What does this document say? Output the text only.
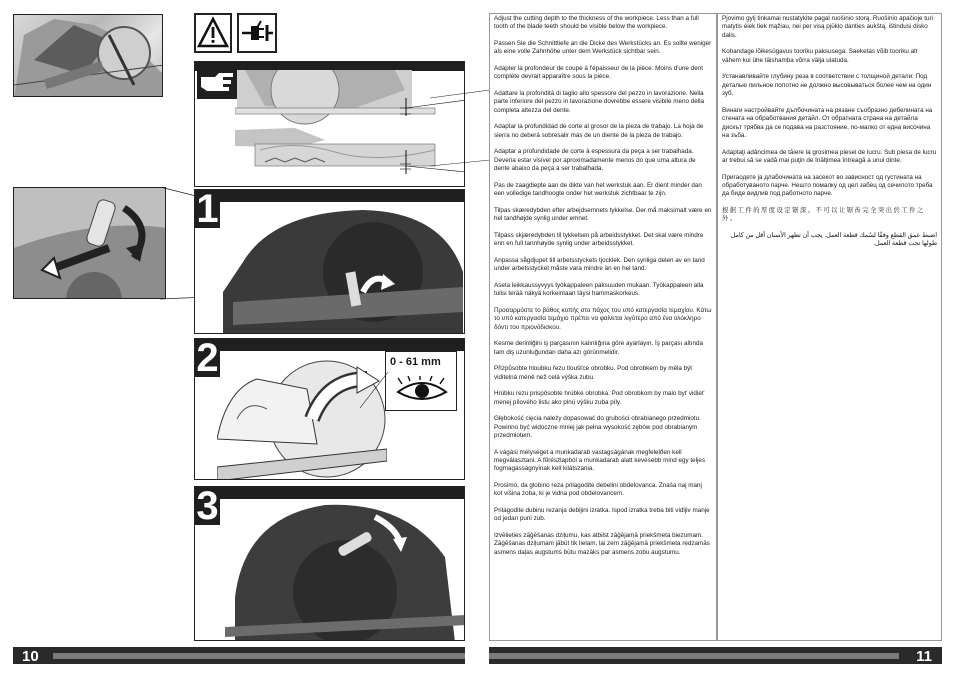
1
2	0 - 61 mm
3
10

Adjust the cutting depth to the thickness of the workpiece. Less than a full tooth of the blade teeth should be visible below the workpiece.

Passen Sie die Schnitttiefe an die Dicke des Werkstücks an. Es sollte weniger als eine volle Zahnhöhe unter dem Werkstück sichtbar sein.

Adapter la profondeur de coupe à l'épaisseur de la pièce. Moins d'une dent complète devrait apparaître sous la pièce.

Adattare la profondità di taglio allo spessore del pezzo in lavorazione. Nella parte inferiore del pezzo in lavorazione dovrebbe essere visibile meno della completa altezza del dente.

Adaptar la profundidad de corte al grosor de la pieza de trabajo. La hoja de sierra no deberá sobresalir más de un diente de la pieza de trabajo.

Adaptar a profundidade de corte à espessura da peça a ser trabalhada. Deveria estar visível por aproximadamente menos do que uma altura de dente abaixo da peça a ser trabalhada.

Pas de zaagdiepte aan de dikte van het werkstuk aan. Er dient minder dan een volledige tandhoogte onder het werkstuk zichtbaar te zijn.

Tilpas skæredybden efter arbejdsemnets tykkelse. Der må maksimalt være en hel tandhøjde synlig under emnet.

Tilpass skjæredybden til tykkelsen på arbeidsstykket. Det skal være mindre enn en full tannhøyde synlig under arbeidsstykket.

Anpassa sågdjupet till arbetsstyckets tjocklek. Den synliga delen av en tand under arbetsstycket måste vara mindre än en hel tand.

Aseta leikkaussyvyys työkappaleen paksuuden mukaan. Työkappaleen alla tulisi terää näkyä korkeintaan täysi hammaskorkeus.

Προσαρμόστε το βάθος κοπής στο πάχος του υπό κατεργασία τεμαχίου. Κάτω το υπό κατεργασία τεμάχιο πρέπει να φαίνεται λιγότερο από ένα ολόκληρο δόντι του πριονόδισκου.

Kesme derinliğini iş parçasının kalınlığına göre ayarlayın. İş parçası altında tam diş uzunluğundan daha azı görünmelidir.

Přizpůsobte hloubku řezu tloušťce obrobku. Pod obrobkem by měla být viditelná méně než celá výška zubu.

Hrúbku rezu prispôsobte hrúbke obrobka. Pod obrobkom by malo byť vidieť menej pílového listu ako plnú výšku zuba píly.

Głębokość cięcia należy dopasować do grubości obrabianego przedmiotu. Powinno być widoczne mniej jak pełna wysokość zębów pod obrabianym przedmiotem.

A vágási mélységet a munkadarab vastagságának megfelelően kell megválasztani. A fűrészlapból a munkadarab alatt kevesebb mind egy teljes fogmagasságnyinak kell kilátszania.

Prosimo, da globino reza prilagodite debelini obdelovanca. Znaša naj manj kot višina zoba, ki je vidna pod obdelovancem.

Prilagodite dubinu rezanja debljini izratka. Ispod izratka treba biti vidljiv manje od jedan puni zub.

Izvēlieties zāģēšanas dziļumu, kas atbilst zāģējamā priekšmeta biezumam. Zāģēšanas dziļumam jābūt tik lielam, lai zem zāģējamā priekšmeta redzamās asmens daļas augstums būtu mazāks par asmens zobu augstumu.

Pjovimo gylį tinkamai nustatykite pagal ruošinio storą. Ruošinio apačioje turi matytis ėiek tiek mąžiau, nei per visą pjūklo danties aukštą, ištindusi disko dalis.

Kohandage lõikesügavus tooriku paksusega. Saeketas võib tooriku alt vähem kui ühe täishamba võrra välja ulatuda.

Устанавливайте глубину реза в соответствии с толщиной детали: Под деталью пильное полотно не должно высовываться более чем на один зуб.

Винаги настройвайте дълбочината на рязане съобразно дебелината на стената на обработвания детайл. От обратната страна на детайла дискът трябва да се подава на разстояние, по-малко от една височина на зъба.

Adaptaţi adâncimea de tăiere la grosimea piesei de lucru. Sub piesa de lucru ar trebui să se vadă mai puţin de înălţimea întreagă a unui dinte.

Пригаодете ја длабочината на засекот во зависност од густината на обработуваното парче. Нешто помалку од цел забец од сечилото треба да биде видлив под работното парче.

根据工件的厚度设定锯深。不可以让锯齿完全突出於工件之外。

اضبط عمق القطع وفقًا لسُمك قطعة العمل. يجب أن تظهر الأسنان أقل من كامل طولها تحت قطعة العمل.

11
